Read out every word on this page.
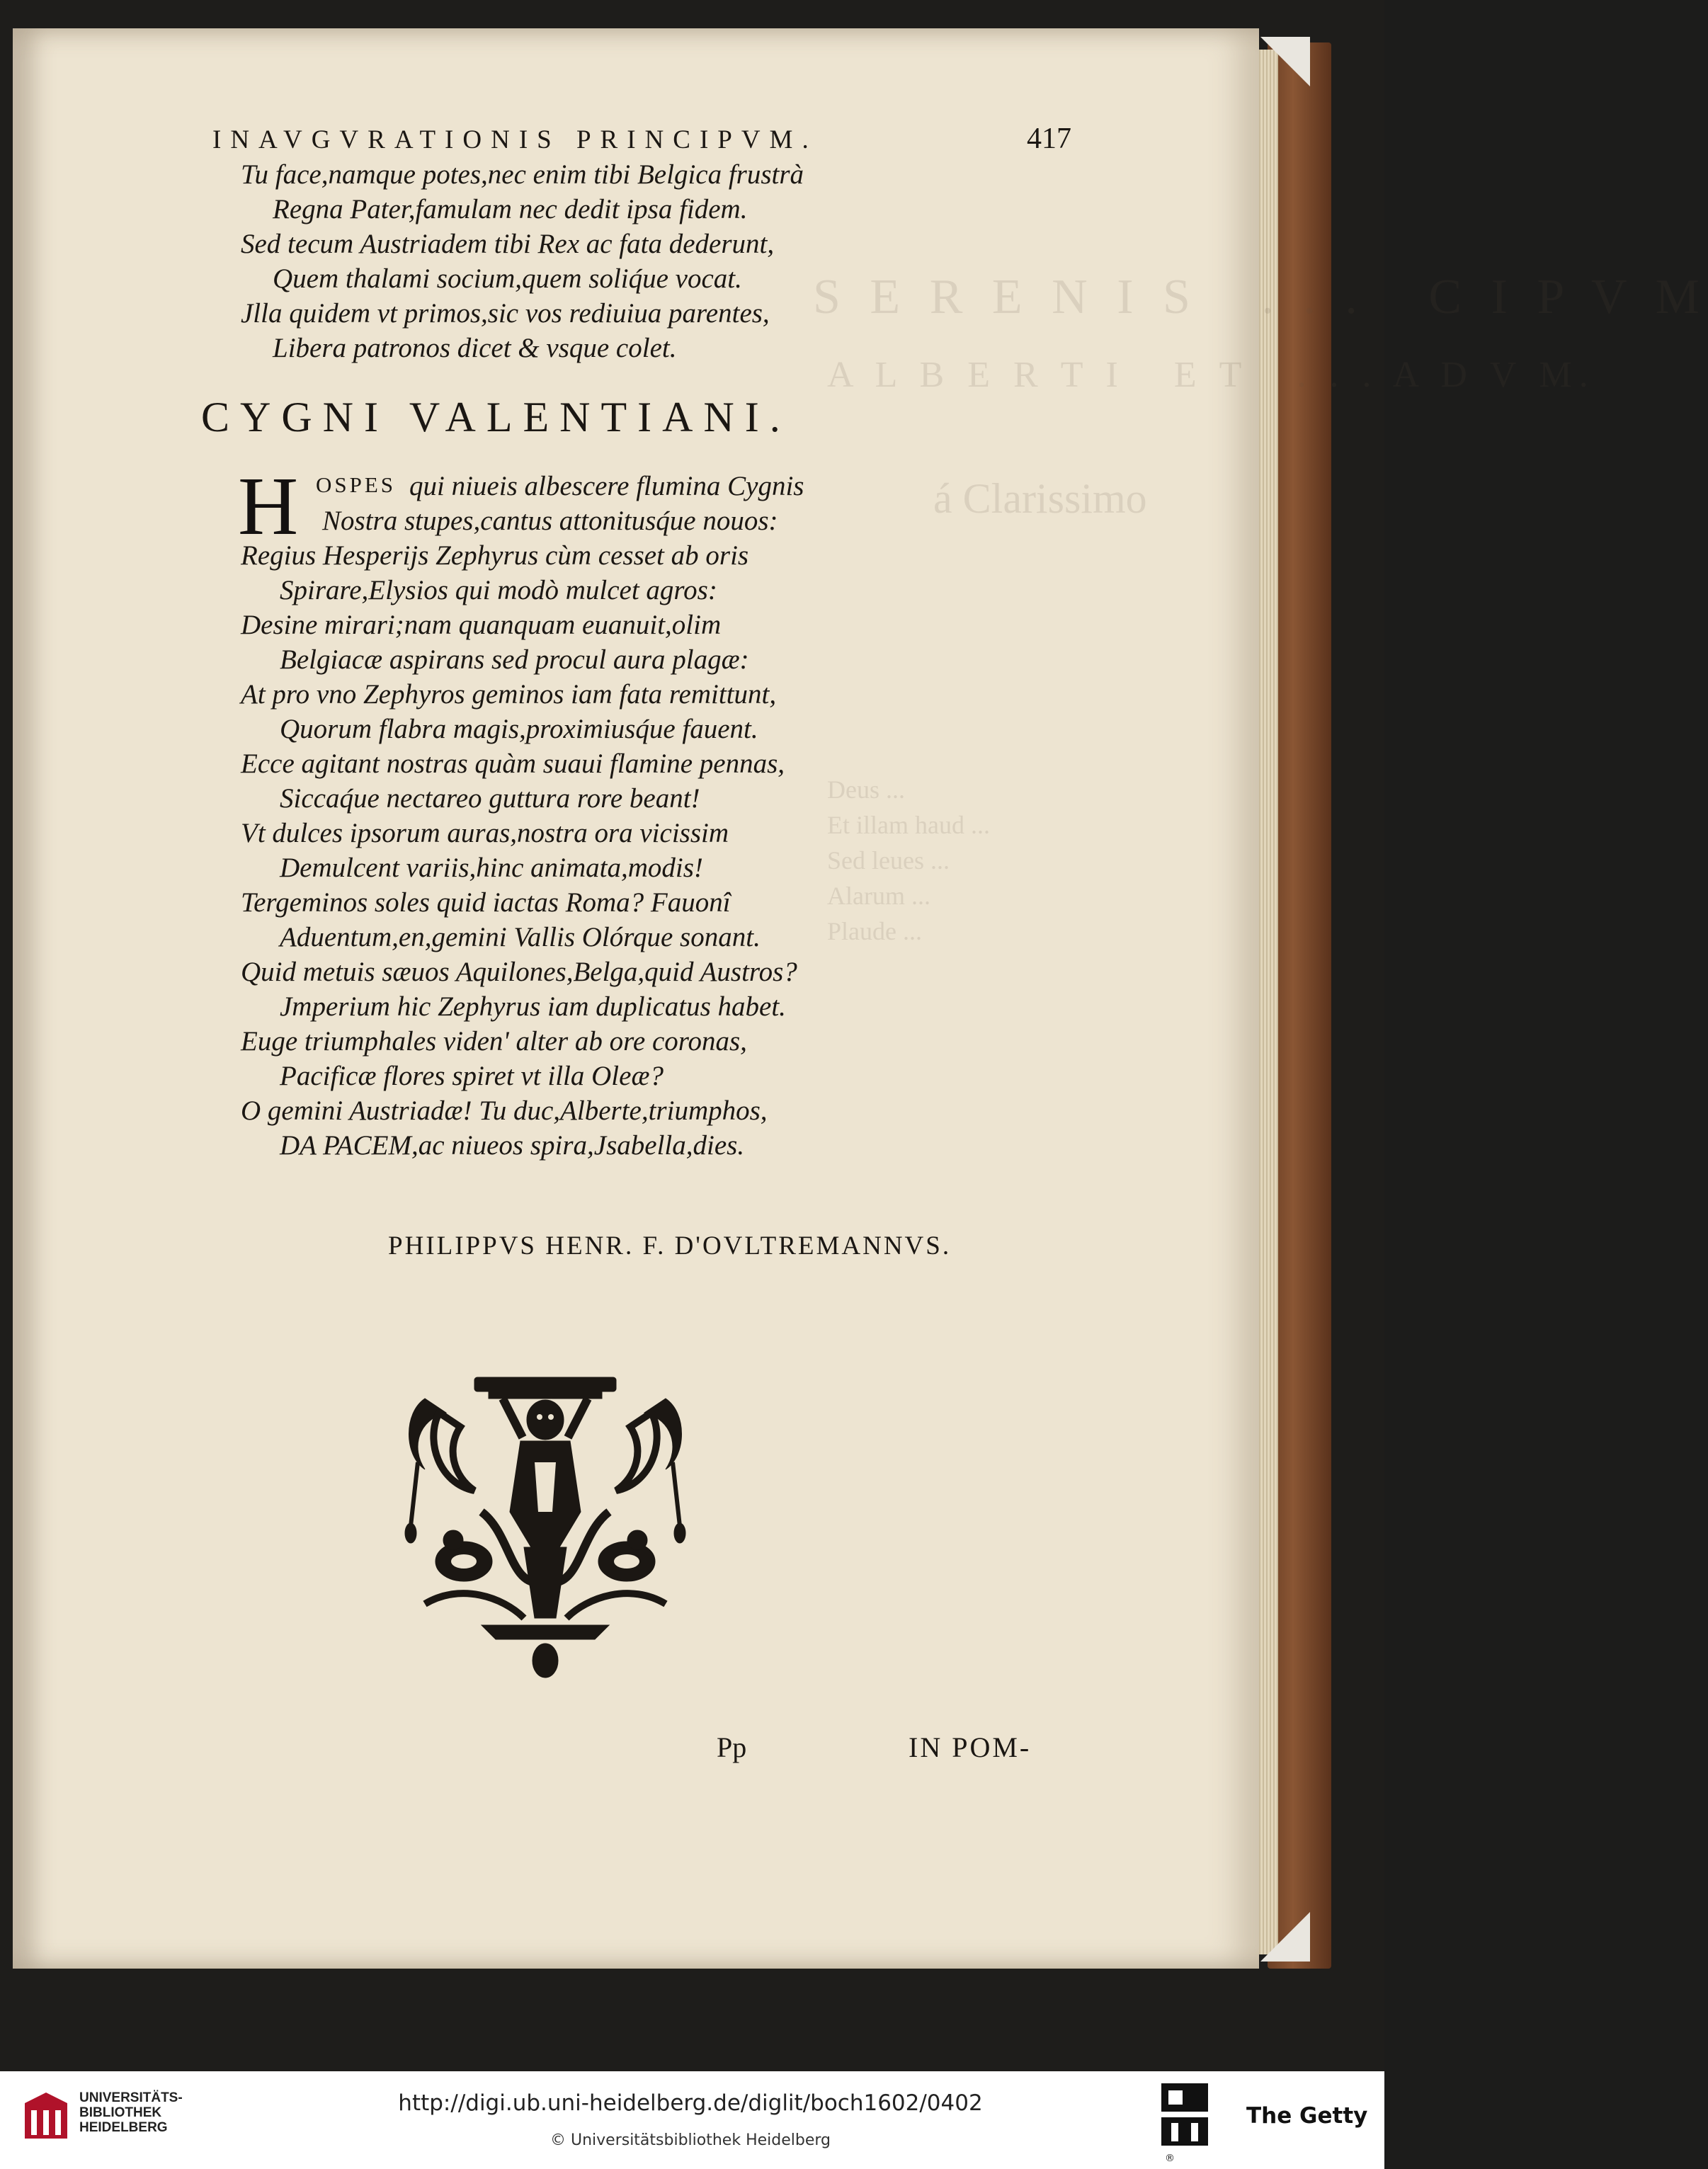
S E R E N I S   . . .   C I P V M
A L B E R T I   E T   . . . A D V M.
á Clarissimo
Deus ...
Et illam haud ...
Sed leues ...
Alarum ...
Plaude ...
INAVGVRATIONIS PRINCIPVM.	417
Tu face,namque potes,nec enim tibi Belgica frustrà
Regna Pater,famulam nec dedit ipsa fidem.
Sed tecum Austriadem tibi Rex ac fata dederunt,
Quem thalami socium,quem soliq́ue vocat.
Jlla quidem vt primos,sic vos rediuiua parentes,
Libera patronos dicet & vsque colet.
CYGNI VALENTIANI.
H OSPES qui niueis albescere flumina Cygnis
Nostra stupes,cantus attonitusq́ue nouos:
Regius Hesperijs Zephyrus cùm cesset ab oris
Spirare,Elysios qui modò mulcet agros:
Desine mirari;nam quanquam euanuit,olim
Belgiacæ aspirans sed procul aura plagæ:
At pro vno Zephyros geminos iam fata remittunt,
Quorum flabra magis,proximiusq́ue fauent.
Ecce agitant nostras quàm suaui flamine pennas,
Siccaq́ue nectareo guttura rore beant!
Vt dulces ipsorum auras,nostra ora vicissim
Demulcent variis,hinc animata,modis!
Tergeminos soles quid iactas Roma? Fauonî
Aduentum,en,gemini Vallis Olórque sonant.
Quid metuis sæuos Aquilones,Belga,quid Austros?
Jmperium hic Zephyrus iam duplicatus habet.
Euge triumphales viden' alter ab ore coronas,
Pacificæ flores spiret vt illa Oleæ?
O gemini Austriadæ! Tu duc,Alberte,triumphos,
DA PACEM,ac niueos spira,Jsabella,dies.
PHILIPPVS HENR. F. D'OVLTREMANNVS.
Pp	IN POM-
UNIVERSITÄTS-
BIBLIOTHEK
HEIDELBERG
http://digi.ub.uni-heidelberg.de/diglit/boch1602/0402
© Universitätsbibliothek Heidelberg
The Getty
®
